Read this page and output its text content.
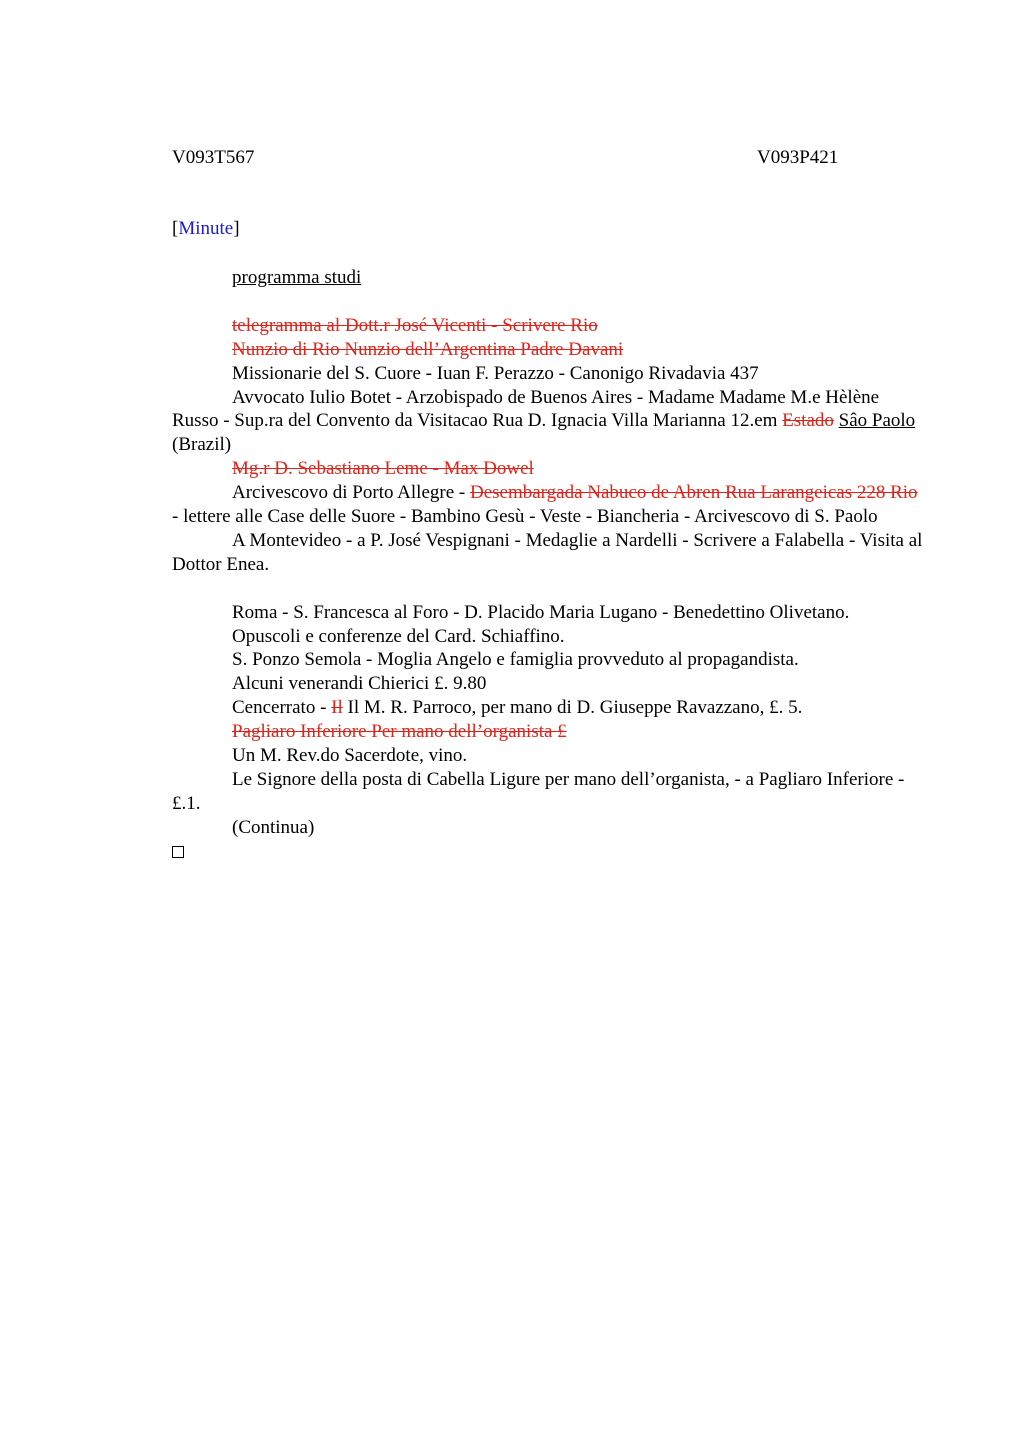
V093T567	V093P421
[Minute]

programma studi

telegramma al Dott.r José Vicenti - Scrivere Rio

Nunzio di Rio Nunzio dell’Argentina Padre Davani

Missionarie del S. Cuore - Iuan F. Perazzo - Canonigo Rivadavia 437

Avvocato Iulio Botet - Arzobispado de Buenos Aires - Madame Madame M.e Hèlène Russo - Sup.ra del Convento da Visitacao Rua D. Ignacia Villa Marianna 12.em Estado Sâo Paolo (Brazil)

Mg.r D. Sebastiano Leme - Max Dowel

Arcivescovo di Porto Allegre - Desembargada Nabuco de Abren Rua Larangeicas 228 Rio - lettere alle Case delle Suore - Bambino Gesù - Veste - Biancheria - Arcivescovo di S. Paolo

A Montevideo - a P. José Vespignani - Medaglie a Nardelli - Scrivere a Falabella - Visita al Dottor Enea.

Roma - S. Francesca al Foro - D. Placido Maria Lugano - Benedettino Olivetano.

Opuscoli e conferenze del Card. Schiaffino.

S. Ponzo Semola - Moglia Angelo e famiglia provveduto al propagandista.

Alcuni venerandi Chierici £. 9.80

Cencerrato - Il Il M. R. Parroco, per mano di D. Giuseppe Ravazzano, £. 5.

Pagliaro Inferiore Per mano dell’organista £

Un M. Rev.do Sacerdote, vino.

Le Signore della posta di Cabella Ligure per mano dell’organista, - a Pagliaro Inferiore - £.1.

(Continua)
